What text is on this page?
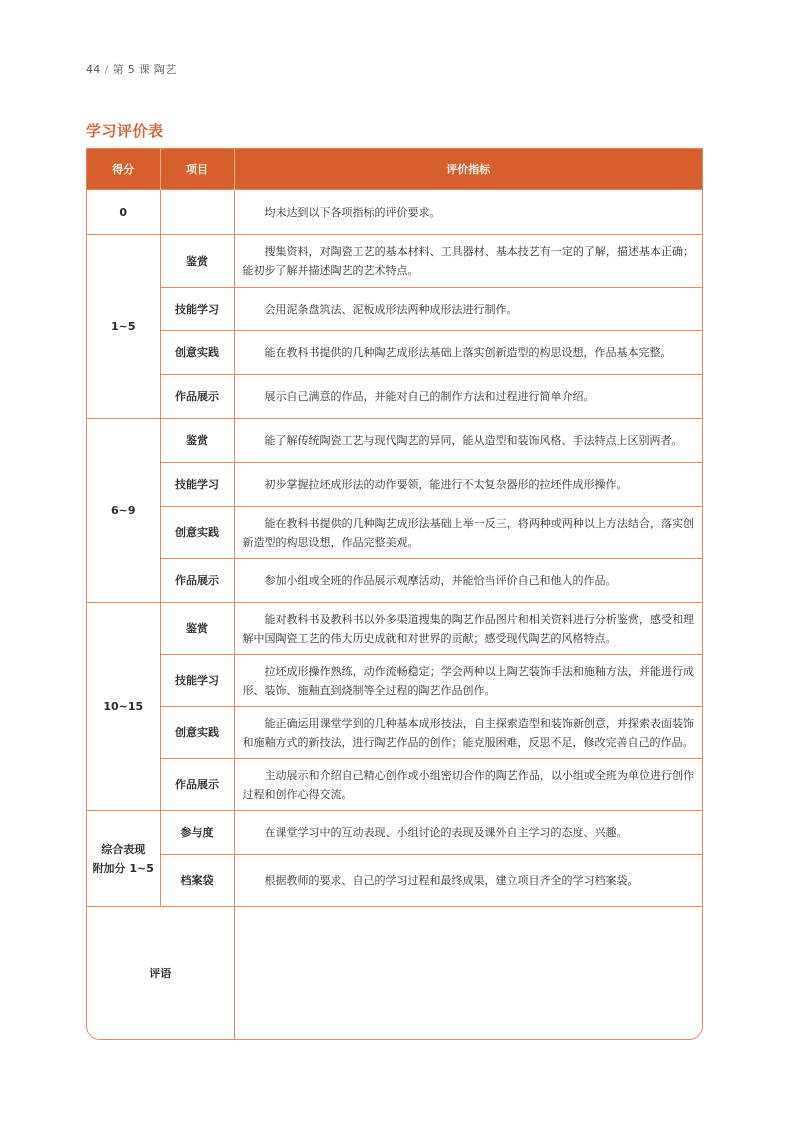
44 / 第 5 课 陶艺
学习评价表
得分	项目	评价指标
0		均未达到以下各项指标的评价要求。

1~5	鉴赏	搜集资料，对陶瓷工艺的基本材料、工具器材、基本技艺有一定的了解，描述基本正确；能初步了解并描述陶艺的艺术特点。

	技能学习	会用泥条盘筑法、泥板成形法两种成形法进行制作。

	创意实践	能在教科书提供的几种陶艺成形法基础上落实创新造型的构思设想，作品基本完整。

	作品展示	展示自己满意的作品，并能对自己的制作方法和过程进行简单介绍。

6~9	鉴赏	能了解传统陶瓷工艺与现代陶艺的异同，能从造型和装饰风格、手法特点上区别两者。

	技能学习	初步掌握拉坯成形法的动作要领，能进行不太复杂器形的拉坯件成形操作。

	创意实践	能在教科书提供的几种陶艺成形法基础上举一反三，将两种或两种以上方法结合，落实创新造型的构思设想，作品完整美观。

	作品展示	参加小组或全班的作品展示观摩活动，并能恰当评价自己和他人的作品。

10~15	鉴赏	能对教科书及教科书以外多渠道搜集的陶艺作品图片和相关资料进行分析鉴赏，感受和理解中国陶瓷工艺的伟大历史成就和对世界的贡献；感受现代陶艺的风格特点。

	技能学习	拉坯成形操作熟练，动作流畅稳定；学会两种以上陶艺装饰手法和施釉方法，并能进行成形、装饰、施釉直到烧制等全过程的陶艺作品创作。

	创意实践	能正确运用课堂学到的几种基本成形技法，自主探索造型和装饰新创意，并探索表面装饰和施釉方式的新技法，进行陶艺作品的创作；能克服困难，反思不足，修改完善自己的作品。

	作品展示	主动展示和介绍自己精心创作或小组密切合作的陶艺作品，以小组或全班为单位进行创作过程和创作心得交流。

综合表现
附加分 1~5	参与度	在课堂学习中的互动表现、小组讨论的表现及课外自主学习的态度、兴趣。

	档案袋	根据教师的要求、自己的学习过程和最终成果，建立项目齐全的学习档案袋。

评语		
